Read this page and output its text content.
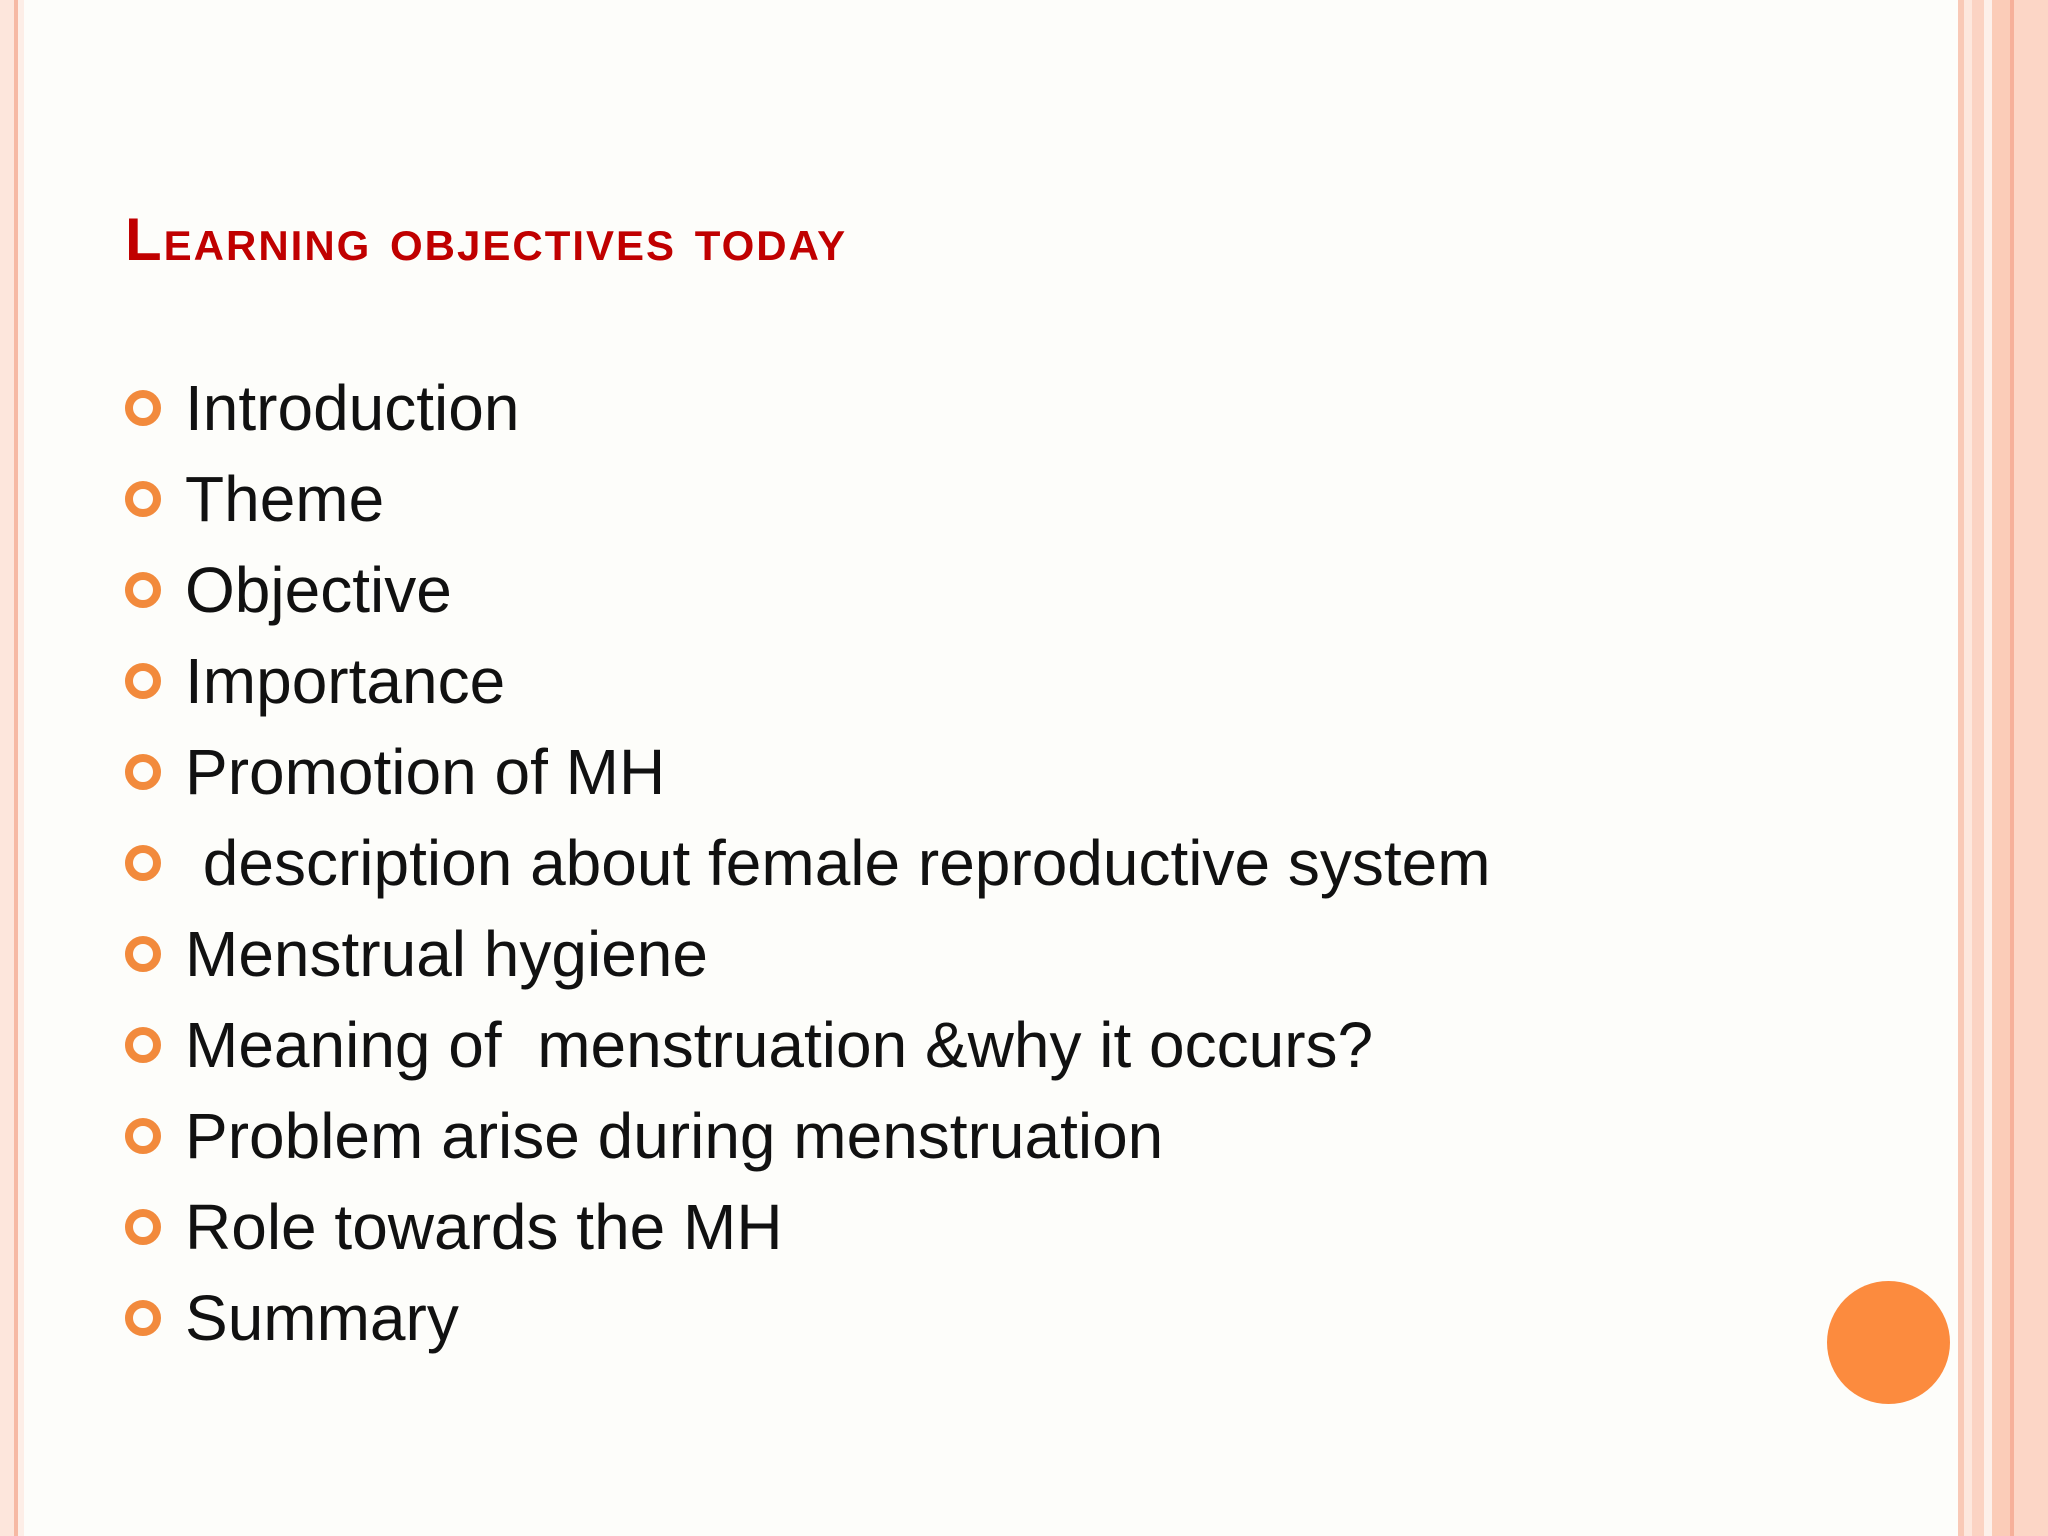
Learning objectives today
Introduction
Theme
Objective
Importance
Promotion of MH
description about female reproductive system
Menstrual hygiene
Meaning of  menstruation &why it occurs?
Problem arise during menstruation
Role towards the MH
Summary
